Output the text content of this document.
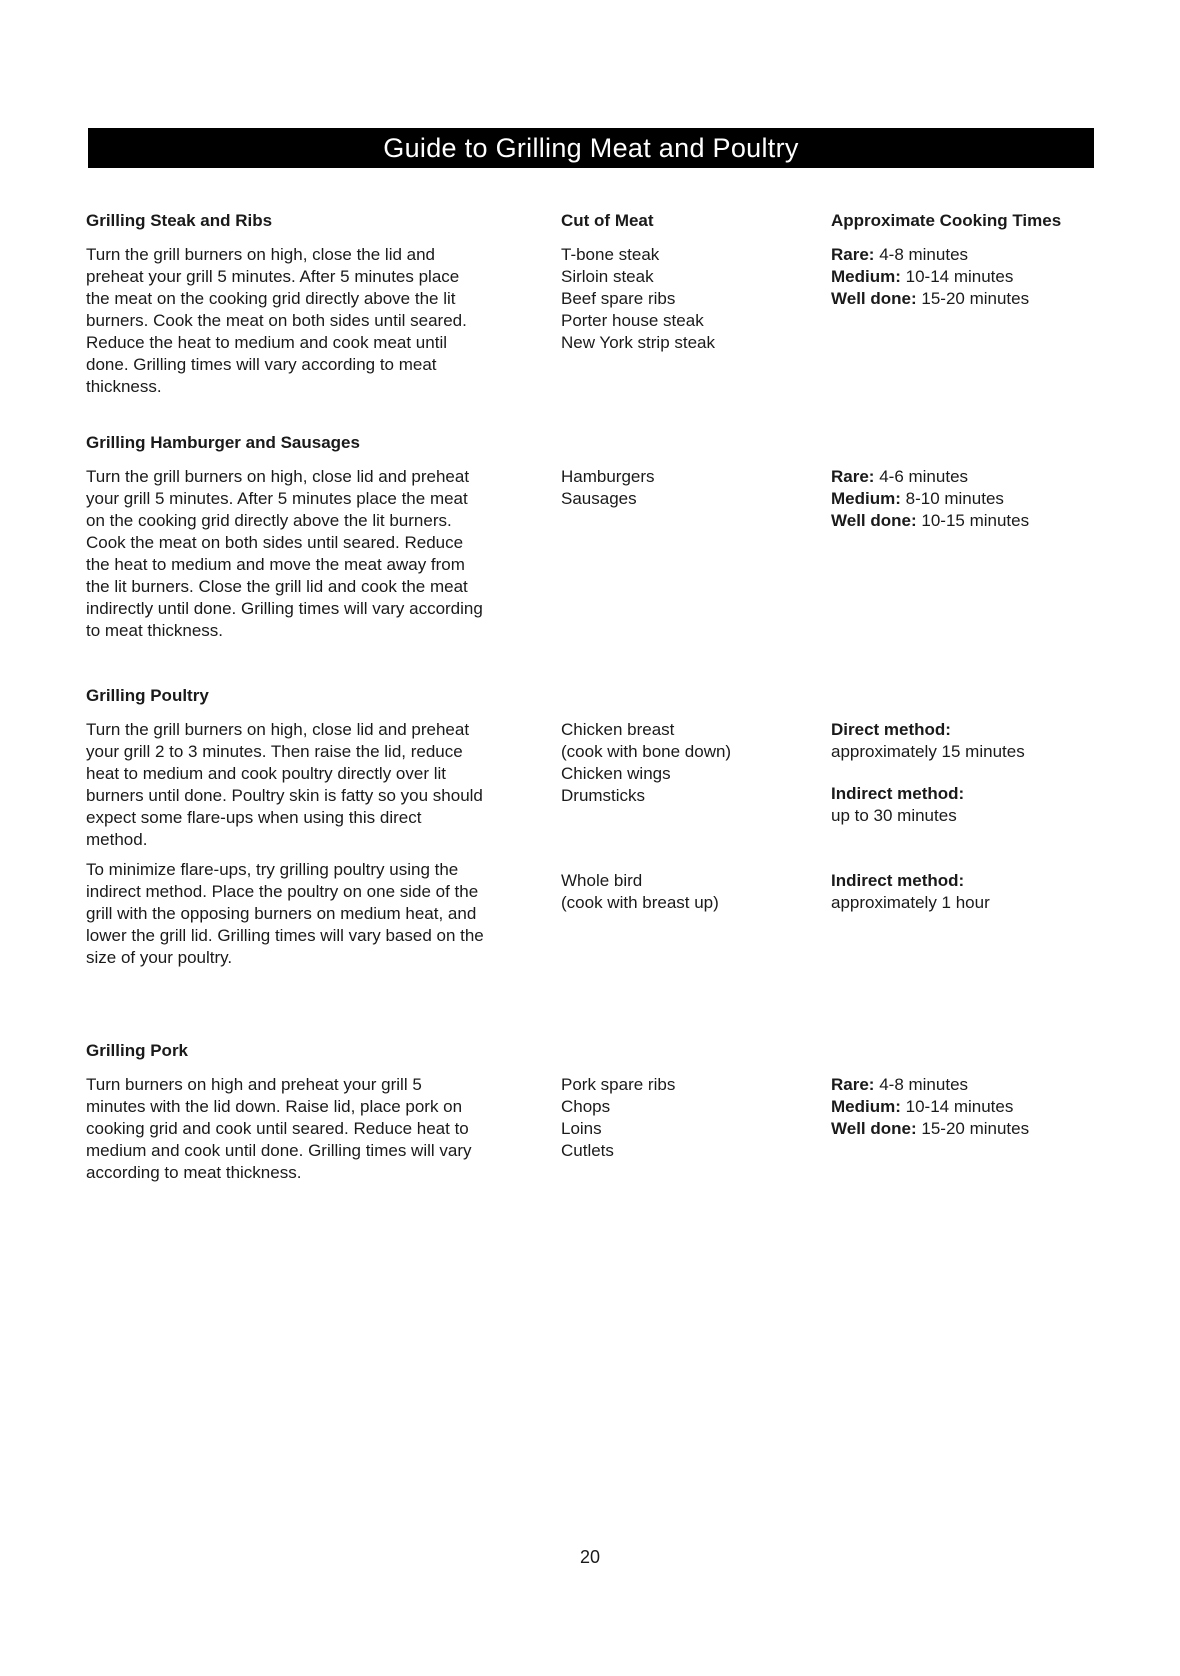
Guide to Grilling Meat and Poultry

Cut of Meat	Approximate Cooking Times

Grilling Steak and Ribs

Turn the grill burners on high, close the lid and preheat your grill 5 minutes. After 5 minutes place the meat on the cooking grid directly above the lit burners. Cook the meat on both sides until seared. Reduce the heat to medium and cook meat until done. Grilling times will vary according to meat thickness.

T-bone steak
Sirloin steak
Beef spare ribs
Porter house steak
New York strip steak
Rare: 4-8 minutes
Medium: 10-14 minutes
Well done: 15-20 minutes

Grilling Hamburger and Sausages

Turn the grill burners on high, close lid and preheat your grill 5 minutes. After 5 minutes place the meat on the cooking grid directly above the lit burners. Cook the meat on both sides until seared. Reduce the heat to medium and move the meat away from the lit burners. Close the grill lid and cook the meat indirectly until done. Grilling times will vary according to meat thickness.

Hamburgers
Sausages
Rare: 4-6 minutes
Medium: 8-10 minutes
Well done: 10-15 minutes

Grilling Poultry

Turn the grill burners on high, close lid and preheat your grill 2 to 3 minutes. Then raise the lid, reduce heat to medium and cook poultry directly over lit burners until done. Poultry skin is fatty so you should expect some flare-ups when using this direct method.

To minimize flare-ups, try grilling poultry using the indirect method. Place the poultry on one side of the grill with the opposing burners on medium heat, and lower the grill lid. Grilling times will vary based on the size of your poultry.

Chicken breast
(cook with bone down)
Chicken wings
Drumsticks
Whole bird
(cook with breast up)
Direct method:
approximately 15 minutes
Indirect method:
up to 30 minutes
Indirect method:
approximately 1 hour

Grilling Pork

Turn burners on high and preheat your grill 5 minutes with the lid down. Raise lid, place pork on cooking grid and cook until seared. Reduce heat to medium and cook until done. Grilling times will vary according to meat thickness.

Pork spare ribs
Chops
Loins
Cutlets
Rare: 4-8 minutes
Medium: 10-14 minutes
Well done: 15-20 minutes
20
